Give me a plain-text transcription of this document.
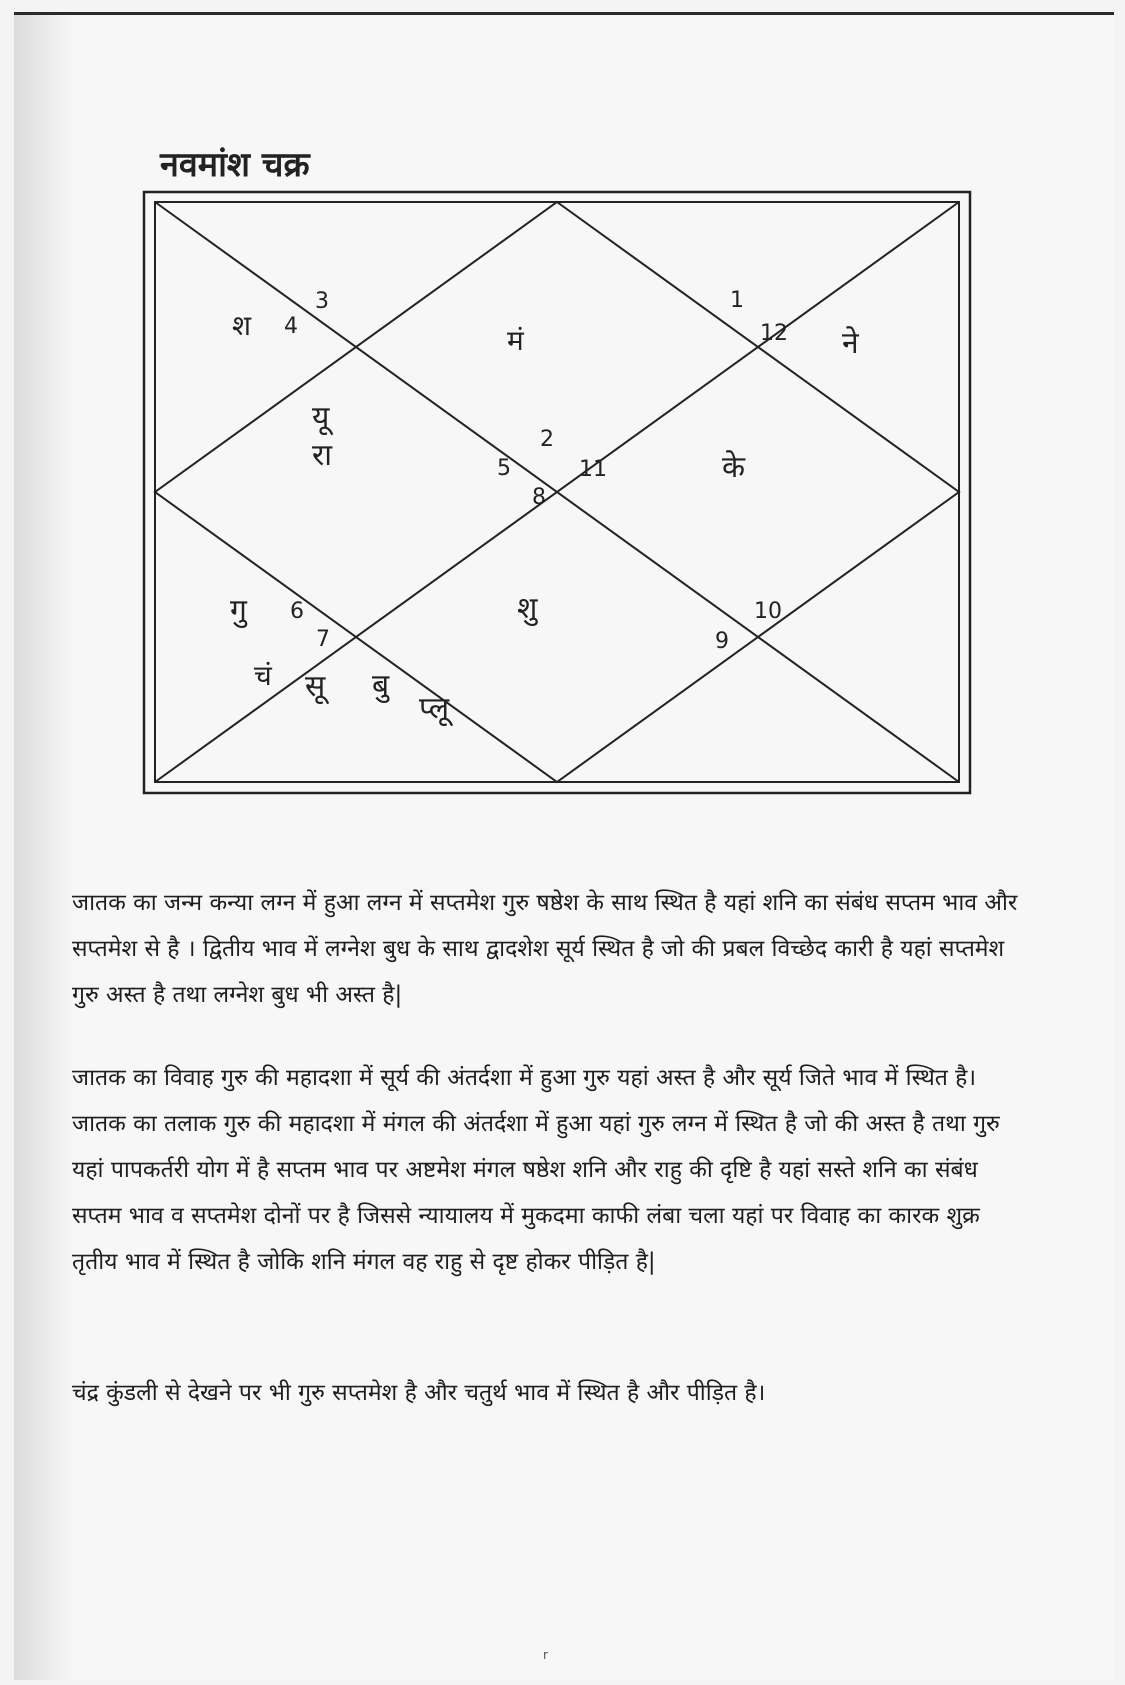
नवमांश चक्र
3
4
1
12
2
5	11
8
6
7
10
9
श	मं	ने
यू
रा	के
गु	शु
चं सू बु
प्लू

जातक का जन्म कन्या लग्न में हुआ लग्न में सप्तमेश गुरु षष्ठेश के साथ स्थित है यहां शनि का संबंध सप्तम भाव और सप्तमेश से है । द्वितीय भाव में लग्नेश बुध के साथ द्वादशेश सूर्य स्थित है जो की प्रबल विच्छेद कारी है यहां सप्तमेश गुरु अस्त है तथा लग्नेश बुध भी अस्त है|

जातक का विवाह गुरु की महादशा में सूर्य की अंतर्दशा में हुआ गुरु यहां अस्त है और सूर्य जिते भाव में स्थित है। जातक का तलाक गुरु की महादशा में मंगल की अंतर्दशा में हुआ यहां गुरु लग्न में स्थित है जो की अस्त है तथा गुरु यहां पापकर्तरी योग में है सप्तम भाव पर अष्टमेश मंगल षष्ठेश शनि और राहु की दृष्टि है यहां सस्ते शनि का संबंध सप्तम भाव व सप्तमेश दोनों पर है जिससे न्यायालय में मुकदमा काफी लंबा चला यहां पर विवाह का कारक शुक्र तृतीय भाव में स्थित है जोकि शनि मंगल वह राहु से दृष्ट होकर पीड़ित है|

चंद्र कुंडली से देखने पर भी गुरु सप्तमेश है और चतुर्थ भाव में स्थित है और पीड़ित है।

r
